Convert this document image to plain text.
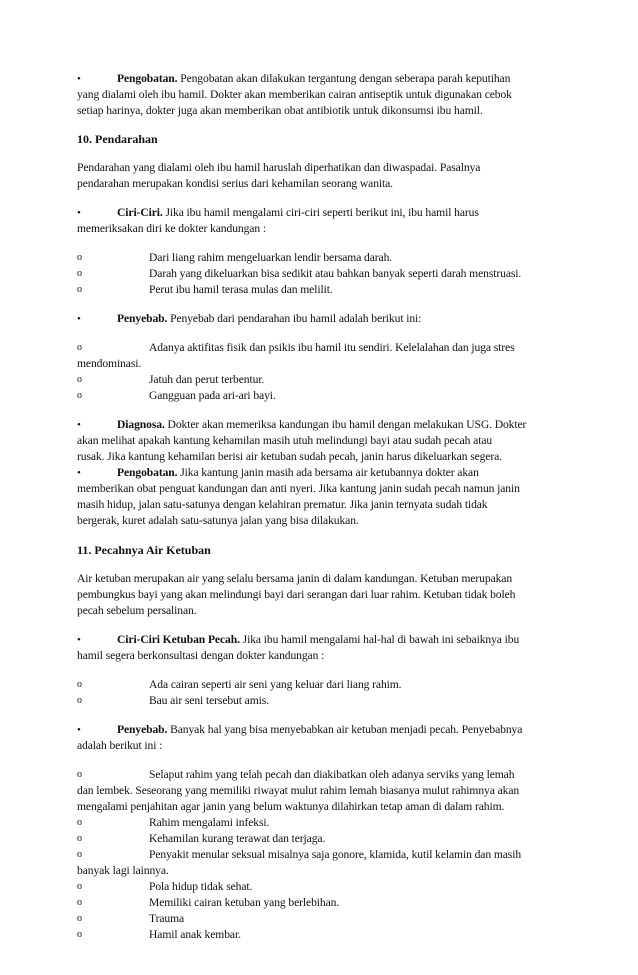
•	Pengobatan. Pengobatan akan dilakukan tergantung dengan seberapa parah keputihan
yang dialami oleh ibu hamil. Dokter akan memberikan cairan antiseptik untuk digunakan cebok
setiap harinya, dokter juga akan memberikan obat antibiotik untuk dikonsumsi ibu hamil.
10. Pendarahan
Pendarahan yang dialami oleh ibu hamil haruslah diperhatikan dan diwaspadai. Pasalnya
pendarahan merupakan kondisi serius dari kehamilan seorang wanita.
•	Ciri-Ciri. Jika ibu hamil mengalami ciri-ciri seperti berikut ini, ibu hamil harus
memeriksakan diri ke dokter kandungan :
o	Dari liang rahim mengeluarkan lendir bersama darah.
o	Darah yang dikeluarkan bisa sedikit atau bahkan banyak seperti darah menstruasi.
o	Perut ibu hamil terasa mulas dan melilit.
•	Penyebab. Penyebab dari pendarahan ibu hamil adalah berikut ini:
o	Adanya aktifitas fisik dan psikis ibu hamil itu sendiri. Kelelalahan dan juga stres
mendominasi.
o	Jatuh dan perut terbentur.
o	Gangguan pada ari-ari bayi.
•	Diagnosa. Dokter akan memeriksa kandungan ibu hamil dengan melakukan USG. Dokter
akan melihat apakah kantung kehamilan masih utuh melindungi bayi atau sudah pecah atau
rusak. Jika kantung kehamilan berisi air ketuban sudah pecah, janin harus dikeluarkan segera.
•	Pengobatan. Jika kantung janin masih ada bersama air ketubannya dokter akan
memberikan obat penguat kandungan dan anti nyeri. Jika kantung janin sudah pecah namun janin
masih hidup, jalan satu-satunya dengan kelahiran prematur. Jika janin ternyata sudah tidak
bergerak, kuret adalah satu-satunya jalan yang bisa dilakukan.
11. Pecahnya Air Ketuban
Air ketuban merupakan air yang selalu bersama janin di dalam kandungan. Ketuban merupakan
pembungkus bayi yang akan melindungi bayi dari serangan dari luar rahim. Ketuban tidak boleh
pecah sebelum persalinan.
•	Ciri-Ciri Ketuban Pecah. Jika ibu hamil mengalami hal-hal di bawah ini sebaiknya ibu
hamil segera berkonsultasi dengan dokter kandungan :
o	Ada cairan seperti air seni yang keluar dari liang rahim.
o	Bau air seni tersebut amis.
•	Penyebab. Banyak hal yang bisa menyebabkan air ketuban menjadi pecah. Penyebabnya
adalah berikut ini :
o	Selaput rahim yang telah pecah dan diakibatkan oleh adanya serviks yang lemah
dan lembek. Seseorang yang memiliki riwayat mulut rahim lemah biasanya mulut rahimnya akan
mengalami penjahitan agar janin yang belum waktunya dilahirkan tetap aman di dalam rahim.
o	Rahim mengalami infeksi.
o	Kehamilan kurang terawat dan terjaga.
o	Penyakit menular seksual misalnya saja gonore, klamida, kutil kelamin dan masih
banyak lagi lainnya.
o	Pola hidup tidak sehat.
o	Memiliki cairan ketuban yang berlebihan.
o	Trauma
o	Hamil anak kembar.
